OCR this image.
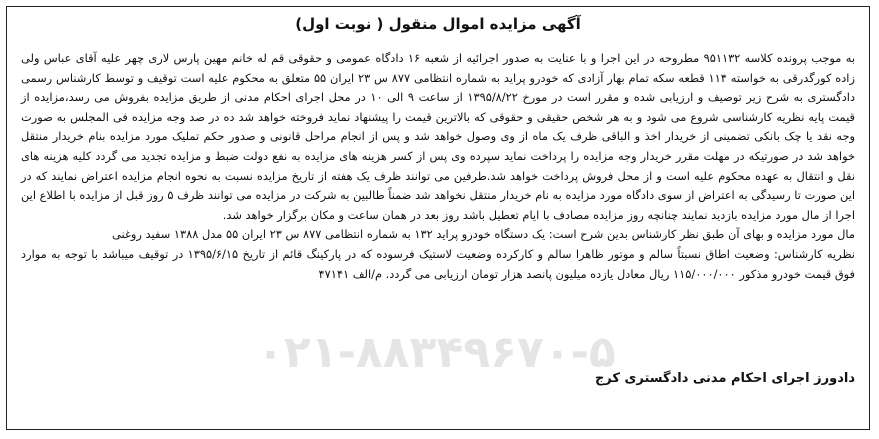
۰۲۱-۸۸۳۴۹۶۷۰-۵
آگهی مزایده اموال منقول ( نوبت اول)

به موجب پرونده کلاسه ۹۵۱۱۳۲ مطروحه در این اجرا و با عنایت به صدور اجرائیه از شعبه ۱۶ دادگاه عمومی و حقوقی قم له خانم مهین پارس لاری چهر علیه آقای عباس ولی زاده کورگدرقی به خواسته ۱۱۴ قطعه سکه تمام بهار آزادی که خودرو پراید به شماره انتظامی ۸۷۷ س ۲۳ ایران ۵۵ متعلق به محکوم علیه است توقیف و توسط کارشناس رسمی دادگستری به شرح زیر توصیف و ارزیابی شده و مقرر است در مورخ ۱۳۹۵/۸/۲۲ از ساعت ۹ الی ۱۰ در محل اجرای احکام مدنی از طریق مزایده بفروش می رسد،مزایده از قیمت پایه نظریه کارشناسی شروع می شود و به هر شخص حقیقی و حقوقی که بالاترین قیمت را پیشنهاد نماید فروخته خواهد شد ده در صد وجه مزایده فی المجلس به صورت وجه نقد یا چک بانکی تضمینی از خریدار اخذ و الباقی ظرف یک ماه از وی وصول خواهد شد و پس از انجام مراحل قانونی و صدور حکم تملیک مورد مزایده بنام خریدار منتقل خواهد شد در صورتیکه در مهلت مقرر خریدار وجه مزایده را پرداخت نماید سپرده وی پس از کسر هزینه های مزایده به نفع دولت ضبط و مزایده تجدید می گردد کلیه هزینه های نقل و انتقال به عهده محکوم علیه است و از محل فروش پرداخت خواهد شد.طرفین می توانند ظرف یک هفته از تاریخ مزایده نسبت به نحوه انجام مزایده اعتراض نمایند که در این صورت تا رسیدگی به اعتراض از سوی دادگاه مورد مزایده به نام خریدار منتقل نخواهد شد ضمناً طالبین به شرکت در مزایده می توانند ظرف ۵ روز قبل از مزایده با اطلاع این اجرا از مال مورد مزایده بازدید نمایند چنانچه روز مزایده مصادف با ایام تعطیل باشد روز بعد در همان ساعت و مکان برگزار خواهد شد.

مال مورد مزایده و بهای آن طبق نظر کارشناس بدین شرح است: یک دستگاه خودرو پراید ۱۳۲ به شماره انتظامی ۸۷۷ س ۲۳ ایران ۵۵ مدل ۱۳۸۸ سفید روغنی

نظریه کارشناس: وضعیت اطاق نسبتاً سالم و موتور ظاهرا سالم و کارکرده وضعیت لاستیک فرسوده که در پارکینگ قائم از تاریخ ۱۳۹۵/۶/۱۵ در توقیف میباشد با توجه به موارد فوق قیمت خودرو مذکور ۱۱۵/۰۰۰/۰۰۰ ریال معادل یازده میلیون پانصد هزار تومان ارزیابی می گردد. م/الف ۴۷۱۴۱

دادورز اجرای احکام مدنی دادگستری کرج
